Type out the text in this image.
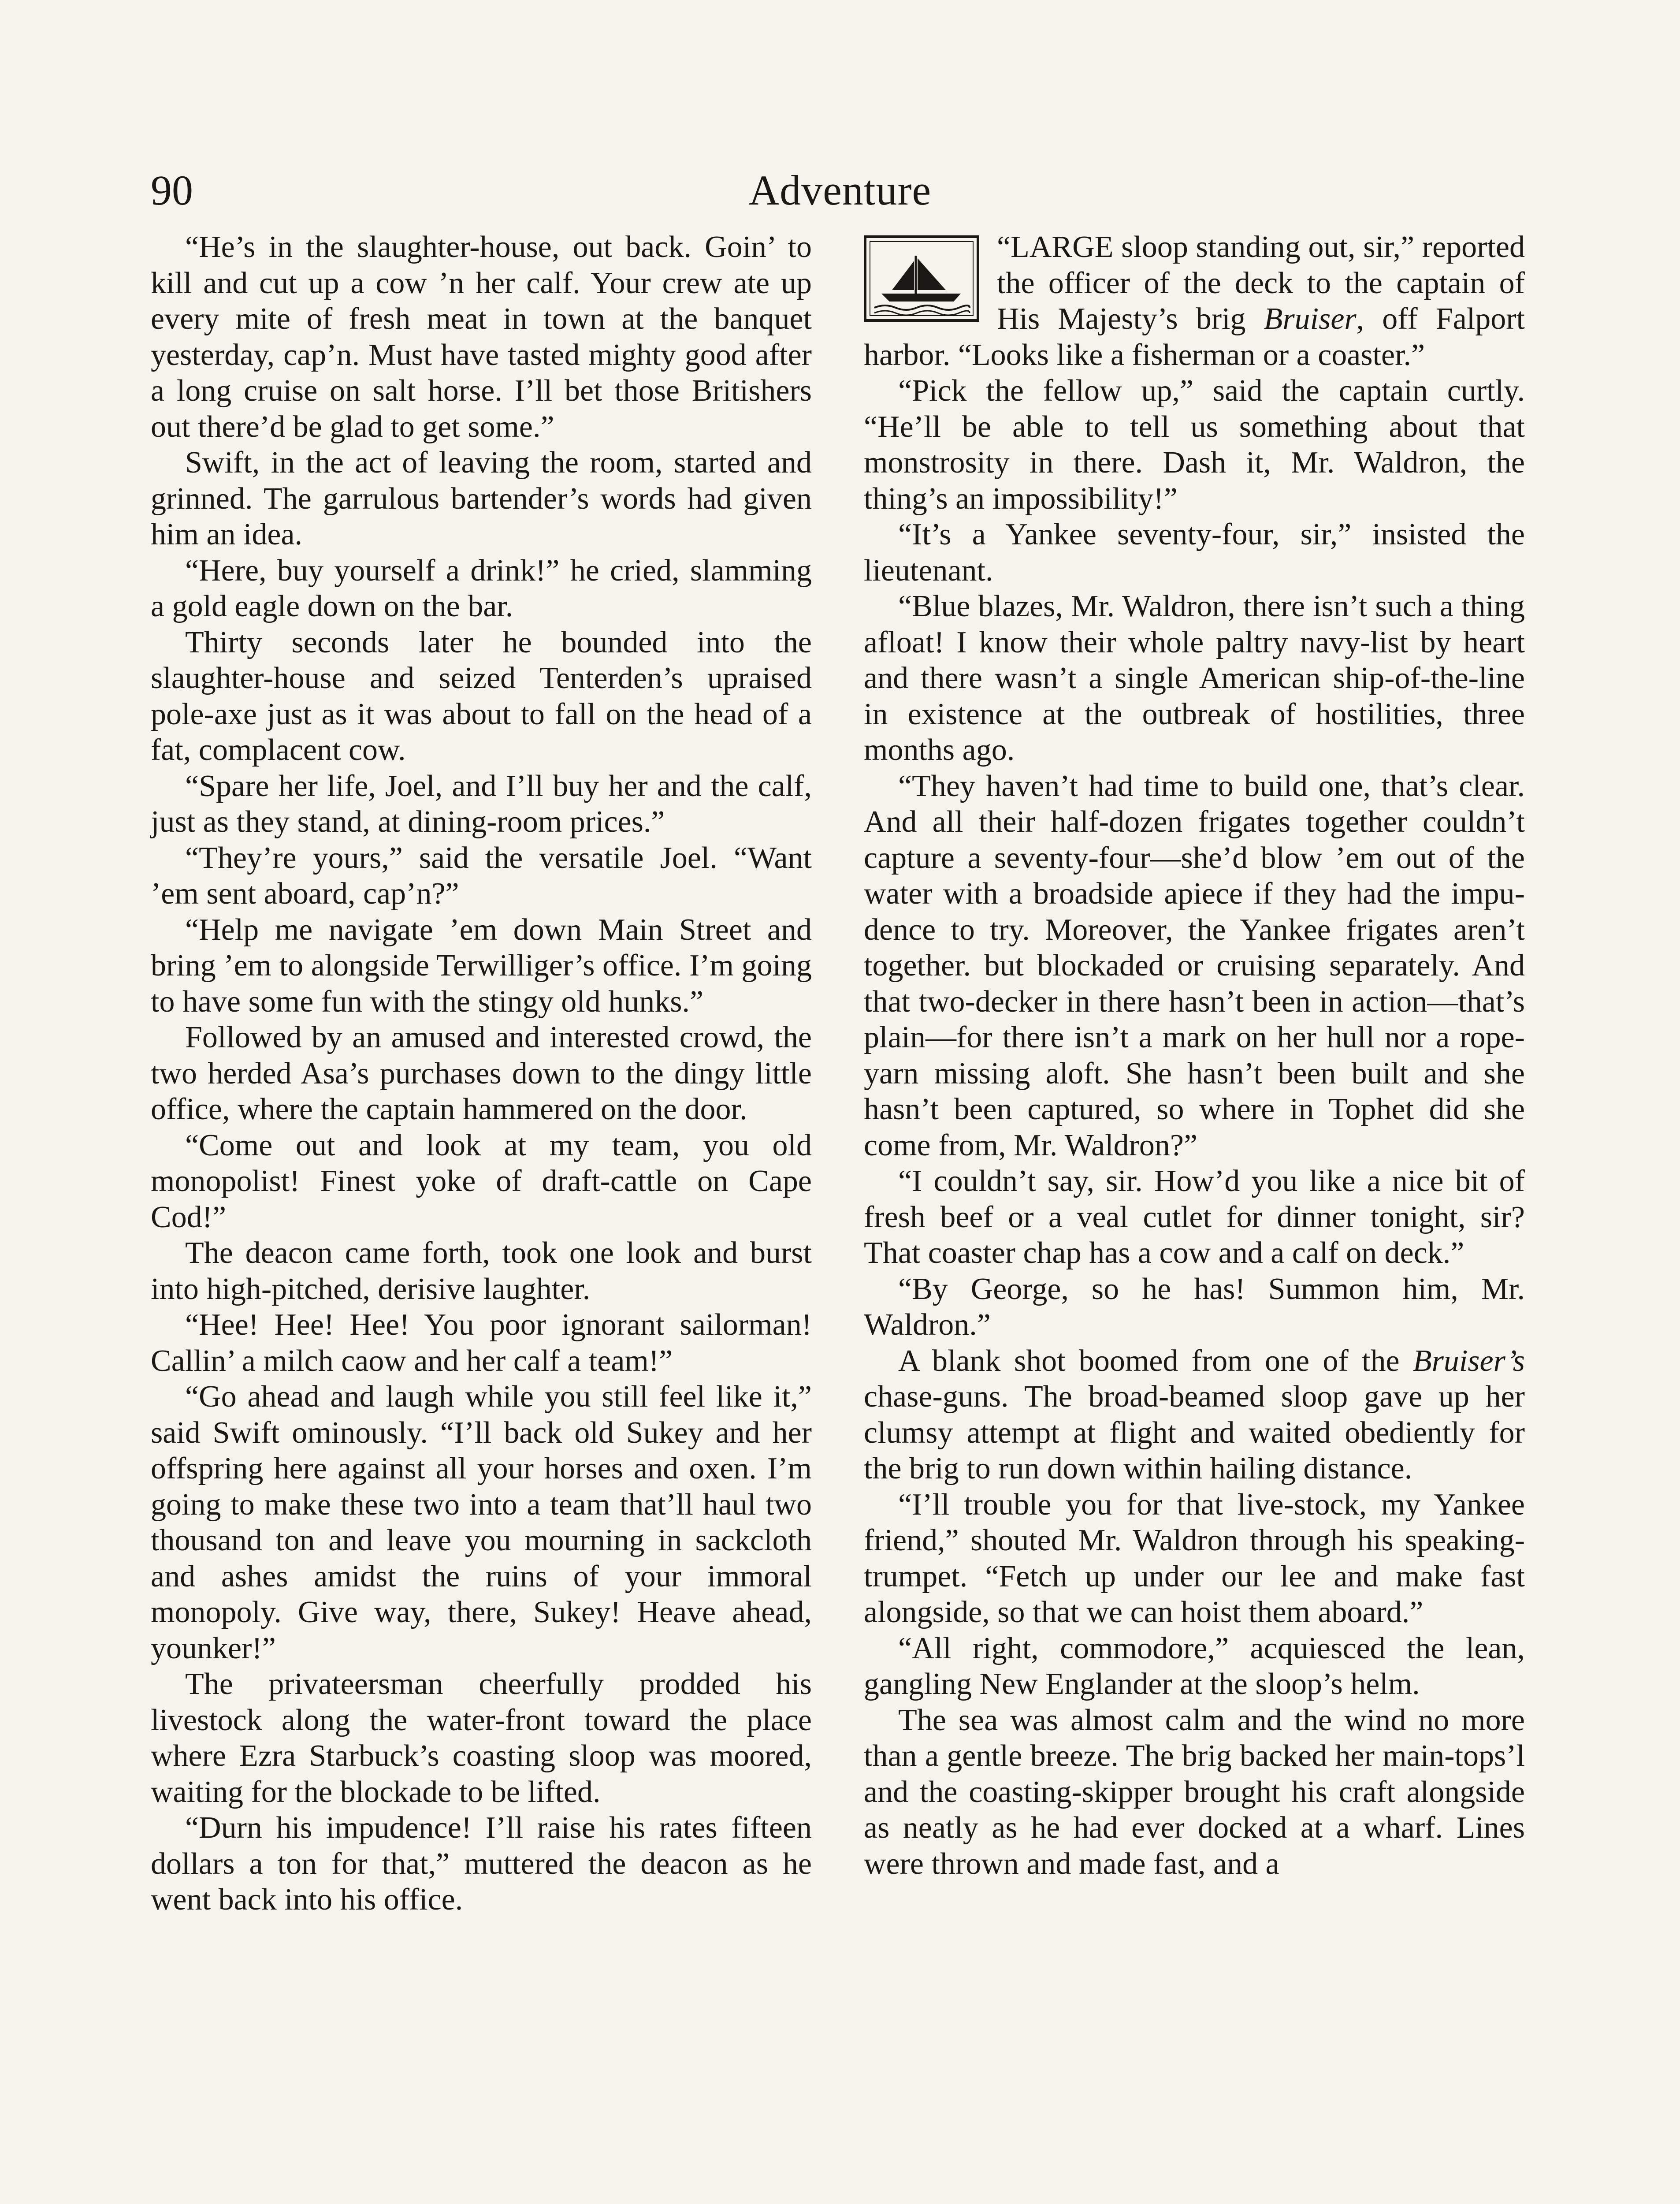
90	Adventure

“He’s in the slaughter-house, out back. Goin’ to kill and cut up a cow ’n her calf. Your crew ate up every mite of fresh meat in town at the banquet yesterday, cap’n. Must have tasted mighty good after a long cruise on salt horse. I’ll bet those Britishers out there’d be glad to get some.”

Swift, in the act of leaving the room, started and grinned. The garrulous bartender’s words had given him an idea.

“Here, buy yourself a drink!” he cried, slamming a gold eagle down on the bar.

Thirty seconds later he bounded into the slaughter-house and seized Tenterden’s upraised pole-axe just as it was about to fall on the head of a fat, complacent cow.

“Spare her life, Joel, and I’ll buy her and the calf, just as they stand, at dining-room prices.”

“They’re yours,” said the versatile Joel. “Want ’em sent aboard, cap’n?”

“Help me navigate ’em down Main Street and bring ’em to alongside Terwilliger’s office. I’m going to have some fun with the stingy old hunks.”

Followed by an amused and interested crowd, the two herded Asa’s purchases down to the dingy little office, where the captain hammered on the door.

“Come out and look at my team, you old monopolist! Finest yoke of draft-cattle on Cape Cod!”

The deacon came forth, took one look and burst into high-pitched, derisive laughter.

“Hee! Hee! Hee! You poor ignorant sailorman! Callin’ a milch caow and her calf a team!”

“Go ahead and laugh while you still feel like it,” said Swift ominously. “I’ll back old Sukey and her offspring here against all your horses and oxen. I’m going to make these two into a team that’ll haul two thousand ton and leave you mourning in sackcloth and ashes amidst the ruins of your immoral monopoly. Give way, there, Sukey! Heave ahead, younker!”

The privateersman cheerfully prodded his livestock along the water-front toward the place where Ezra Starbuck’s coasting sloop was moored, waiting for the blockade to be lifted.

“Durn his impudence! I’ll raise his rates fifteen dollars a ton for that,” muttered the deacon as he went back into his office.

“LARGE sloop standing out, sir,” reported the officer of the deck to the captain of His Majesty’s brig Bruiser, off Falport harbor. “Looks like a fisherman or a coaster.”

“Pick the fellow up,” said the captain curtly. “He’ll be able to tell us something about that monstrosity in there. Dash it, Mr. Waldron, the thing’s an impossibility!”

“It’s a Yankee seventy-four, sir,” insisted the lieutenant.

“Blue blazes, Mr. Waldron, there isn’t such a thing afloat! I know their whole paltry navy-list by heart and there wasn’t a single American ship-of-the-line in existence at the outbreak of hostilities, three months ago.

“They haven’t had time to build one, that’s clear. And all their half-dozen frigates together couldn’t capture a seventy-four—she’d blow ’em out of the water with a broadside apiece if they had the impudence to try. Moreover, the Yankee frigates aren’t together. but blockaded or cruising separately. And that two-decker in there hasn’t been in action—that’s plain—for there isn’t a mark on her hull nor a rope-yarn missing aloft. She hasn’t been built and she hasn’t been captured, so where in Tophet did she come from, Mr. Waldron?”

“I couldn’t say, sir. How’d you like a nice bit of fresh beef or a veal cutlet for dinner tonight, sir? That coaster chap has a cow and a calf on deck.”

“By George, so he has! Summon him, Mr. Waldron.”

A blank shot boomed from one of the Bruiser’s chase-guns. The broad-beamed sloop gave up her clumsy attempt at flight and waited obediently for the brig to run down within hailing distance.

“I’ll trouble you for that live-stock, my Yankee friend,” shouted Mr. Waldron through his speaking-trumpet. “Fetch up under our lee and make fast alongside, so that we can hoist them aboard.”

“All right, commodore,” acquiesced the lean, gangling New Englander at the sloop’s helm.

The sea was almost calm and the wind no more than a gentle breeze. The brig backed her main-tops’l and the coasting-skipper brought his craft alongside as neatly as he had ever docked at a wharf. Lines were thrown and made fast, and a
